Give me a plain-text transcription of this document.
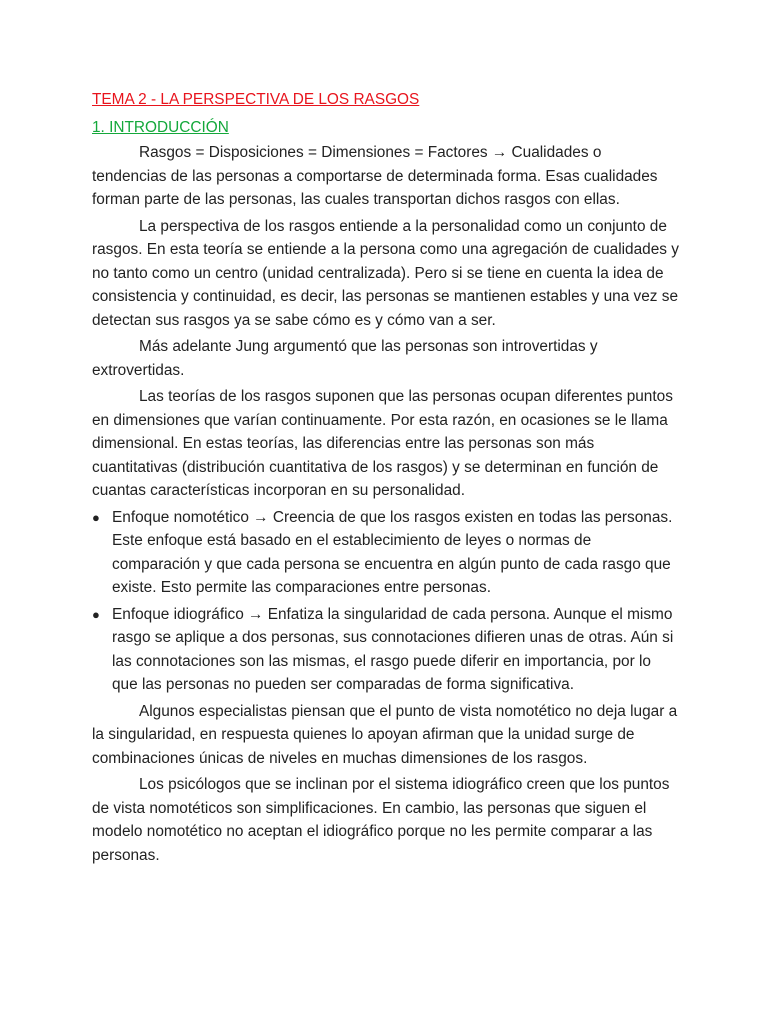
TEMA 2 - LA PERSPECTIVA DE LOS RASGOS
1. INTRODUCCIÓN

Rasgos = Disposiciones = Dimensiones = Factores → Cualidades o tendencias de las personas a comportarse de determinada forma. Esas cualidades forman parte de las personas, las cuales transportan dichos rasgos con ellas.

La perspectiva de los rasgos entiende a la personalidad como un conjunto de rasgos. En esta teoría se entiende a la persona como una agregación de cualidades y no tanto como un centro (unidad centralizada). Pero si se tiene en cuenta la idea de consistencia y continuidad, es decir, las personas se mantienen estables y una vez se detectan sus rasgos ya se sabe cómo es y cómo van a ser.

Más adelante Jung argumentó que las personas son introvertidas y extrovertidas.

Las teorías de los rasgos suponen que las personas ocupan diferentes puntos en dimensiones que varían continuamente. Por esta razón, en ocasiones se le llama dimensional. En estas teorías, las diferencias entre las personas son más cuantitativas (distribución cuantitativa de los rasgos) y se determinan en función de cuantas características incorporan en su personalidad.

● Enfoque nomotético → Creencia de que los rasgos existen en todas las personas. Este enfoque está basado en el establecimiento de leyes o normas de comparación y que cada persona se encuentra en algún punto de cada rasgo que existe. Esto permite las comparaciones entre personas.
● Enfoque idiográfico → Enfatiza la singularidad de cada persona. Aunque el mismo rasgo se aplique a dos personas, sus connotaciones difieren unas de otras. Aún si las connotaciones son las mismas, el rasgo puede diferir en importancia, por lo que las personas no pueden ser comparadas de forma significativa.

Algunos especialistas piensan que el punto de vista nomotético no deja lugar a la singularidad, en respuesta quienes lo apoyan afirman que la unidad surge de combinaciones únicas de niveles en muchas dimensiones de los rasgos.

Los psicólogos que se inclinan por el sistema idiográfico creen que los puntos de vista nomotéticos son simplificaciones. En cambio, las personas que siguen el modelo nomotético no aceptan el idiográfico porque no les permite comparar a las personas.
